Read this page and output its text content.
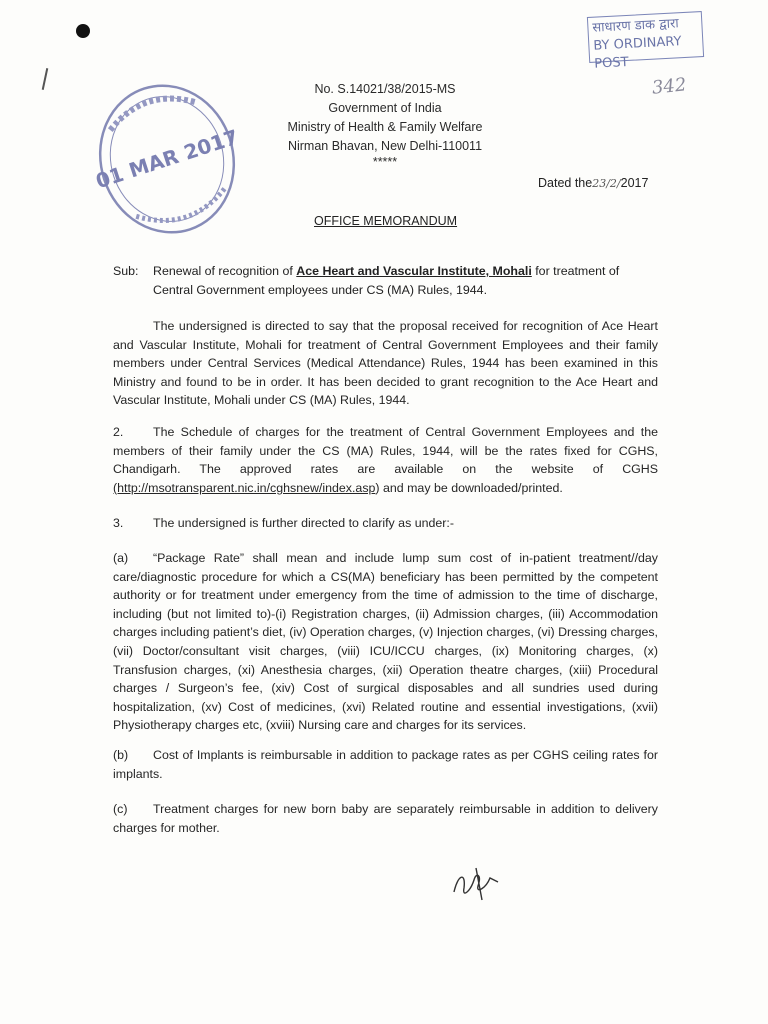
01 MAR 2017
साधारण डाक द्वारा
BY ORDINARY POST
342
No. S.14021/38/2015-MS
Government of India
Ministry of Health & Family Welfare
Nirman Bhavan, New Delhi-110011
*****
Dated the23/2/2017
OFFICE MEMORANDUM
Sub:	Renewal of recognition of Ace Heart and Vascular Institute, Mohali for treatment of Central Government employees under CS (MA) Rules, 1944.
The undersigned is directed to say that the proposal received for recognition of Ace Heart and Vascular Institute, Mohali for treatment of Central Government Employees and their family members under Central Services (Medical Attendance) Rules, 1944 has been examined in this Ministry and found to be in order. It has been decided to grant recognition to the Ace Heart and Vascular Institute, Mohali under CS (MA) Rules, 1944.
2. The Schedule of charges for the treatment of Central Government Employees and the members of their family under the CS (MA) Rules, 1944, will be the rates fixed for CGHS, Chandigarh. The approved rates are available on the website of CGHS (http://msotransparent.nic.in/cghsnew/index.asp) and may be downloaded/printed.
3. The undersigned is further directed to clarify as under:-
(a) “Package Rate” shall mean and include lump sum cost of in-patient treatment//day care/diagnostic procedure for which a CS(MA) beneficiary has been permitted by the competent authority or for treatment under emergency from the time of admission to the time of discharge, including (but not limited to)-(i) Registration charges, (ii) Admission charges, (iii) Accommodation charges including patient’s diet, (iv) Operation charges, (v) Injection charges, (vi) Dressing charges, (vii) Doctor/consultant visit charges, (viii) ICU/ICCU charges, (ix) Monitoring charges, (x) Transfusion charges, (xi) Anesthesia charges, (xii) Operation theatre charges, (xiii) Procedural charges / Surgeon’s fee, (xiv) Cost of surgical disposables and all sundries used during hospitalization, (xv) Cost of medicines, (xvi) Related routine and essential investigations, (xvii) Physiotherapy charges etc, (xviii) Nursing care and charges for its services.
(b) Cost of Implants is reimbursable in addition to package rates as per CGHS ceiling rates for implants.
(c) Treatment charges for new born baby are separately reimbursable in addition to delivery charges for mother.
